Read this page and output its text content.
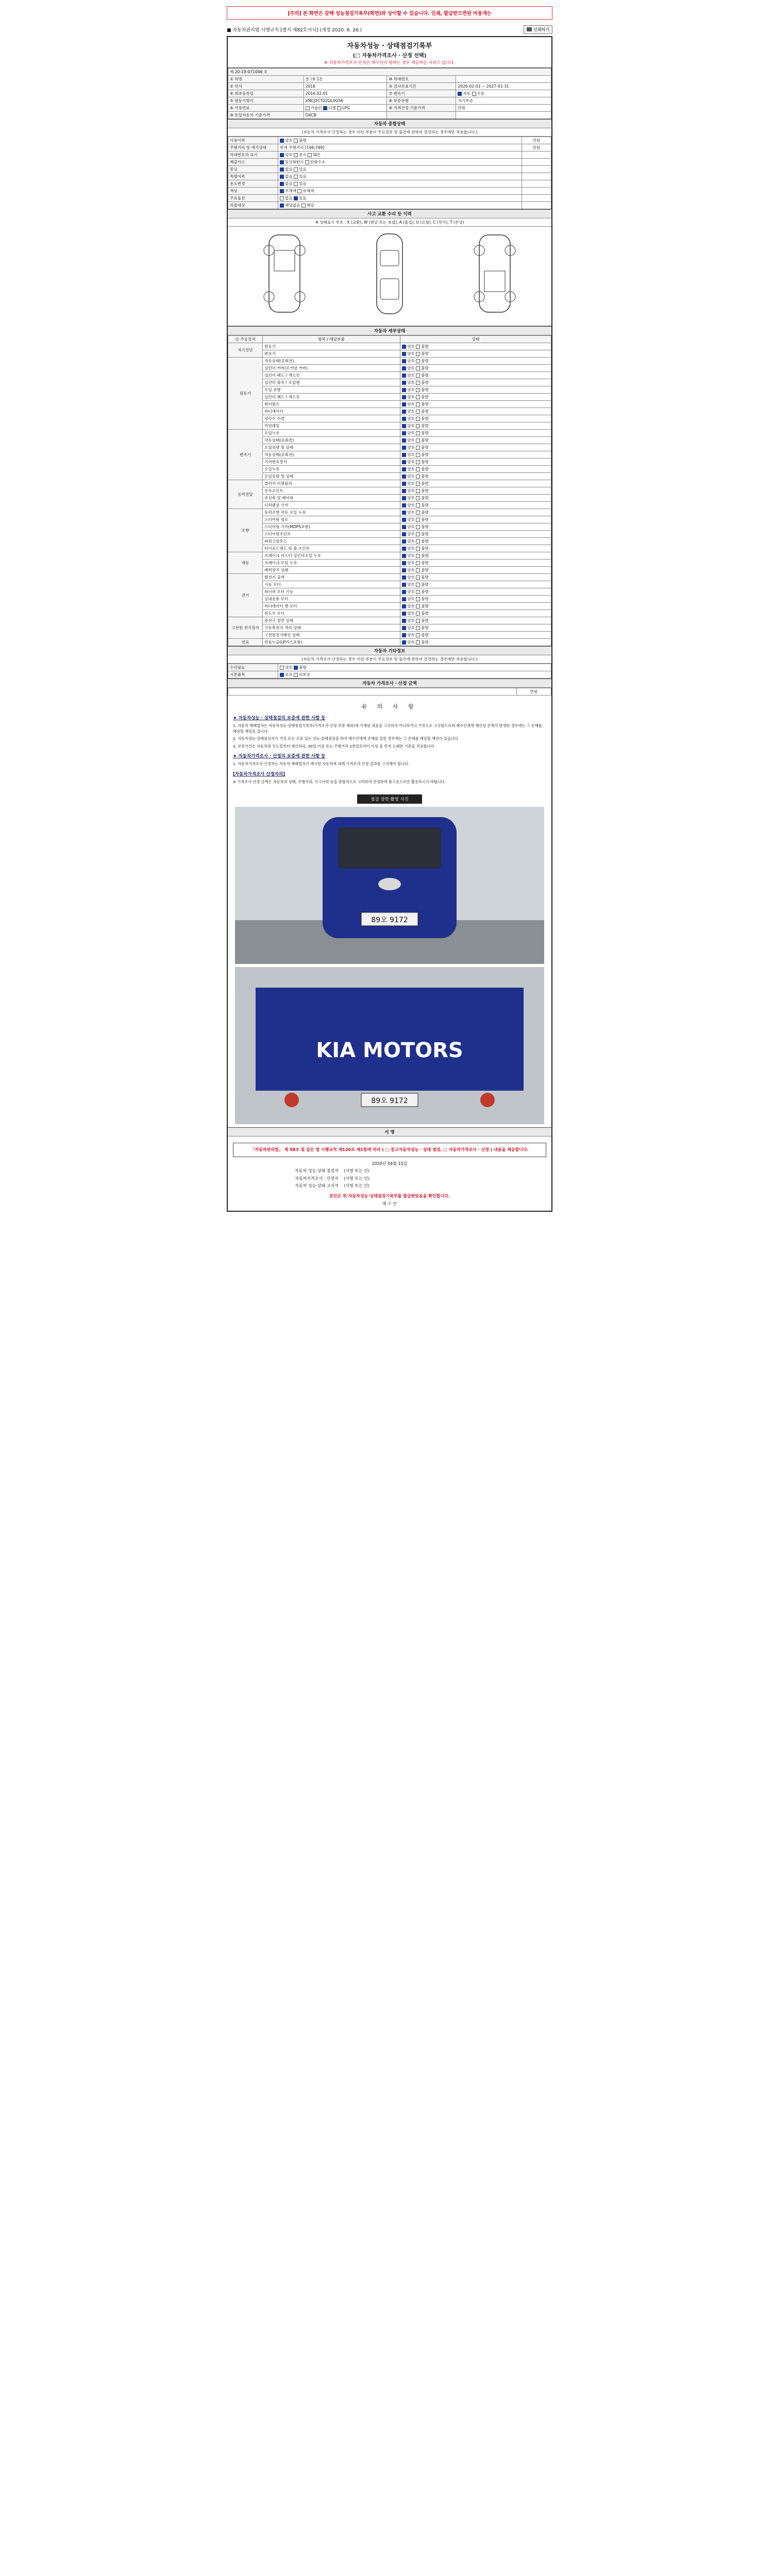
[주의] 본 화면은 갈해 성능점검기록부(화면)와 상이할 수 있습니다. 인쇄, 발급받으면된 비용개는
■ 자동차관리법 시행규칙 [별지 제82호서식] (개정 2020. 6. 26.)	인쇄하기
자동차성능 · 상태점검기록부
(□ 자동차가격조사 · 산정 선택)
※ 자동차가격조사·산정은 매수인이 원하는 경우 제공하는 서비스 입니다.
제 20-19-071046 호			
① 차명	봉고II 1톤	⑩ 차대번호	
② 연식	2016	③ 검사유효기간	2026-02-01 ~ 2027-01-31
④ 최초등록일	2016.02.01	⑦ 변속기	자동 수동
⑤ 원동기형식	VNCJ2CT02GL0GS6	⑧ 보증유형	자가보증
⑥ 사용연료	가솔린 디젤 LPG	⑨ 가격산정 기준가격	만원
⑩ 동일자동차 기준가격	D4CB		
자동차 종합상태
(자동차 가격조사·산정하는 경우 이런 부분이 주요정보 및 물건에 관하여 결정하는 경우에만 적용합니다.)
사용이력	양호 불량	만원
주행거리 및 계기상태	현재 주행거리 [146,749]	만원
차대번호의 표기	양호 부식 훼손	
배출가스	일산화탄소 탄화수소	
튜닝	없음 있음	
특별이력	없음 있음	
용도변경	없음 있음	
색상	무채색 유채색	
주요옵션	없음 있음	
리콜대상	해당없음 해당	
사고 교환 수리 등 이력
※ 상태표시 부호 : X (교환), W (판금 또는 용접), A (흠집), U (요철), C (부식), T (손상)
자동차 세부상태
⑪ 주요장치	항목 / 해당부품	상태
자기진단	원동기	양호 불량
	변속기	양호 불량
원동기	작동상태(공회전)	양호 불량
	실린더 커버(로커암 커버)	양호 불량
	실린더 헤드 / 개스킷	양호 불량
	실린더 블록 / 오일팬	양호 불량
	오일 유량	양호 불량
	실린더 헤드 / 개스킷	양호 불량
	워터펌프	양호 불량
	라디에이터	양호 불량
	냉각수 수량	양호 불량
	커먼레일	양호 불량
변속기	오일누유	양호 불량
	작동상태(공회전)	양호 불량
	오일유량 및 상태	양호 불량
	작동상태(공회전)	양호 불량
	기어변속장치	양호 불량
	오일누유	양호 불량
	오일유량 및 상태	양호 불량
동력전달	클러치 어셈블리	양호 불량
	등속조인트	양호 불량
	추진축 및 베어링	양호 불량
	디퍼렌셜 기어	양호 불량
조향	동력조향 작동 오일 누유	양호 불량
	스티어링 펌프	양호 불량
	스티어링 기어(MDPS포함)	양호 불량
	스티어링조인트	양호 불량
	파워고압호스	양호 불량
	타이로드엔드 및 볼 조인트	양호 불량
제동	브레이크 마스터 실린더오일 누유	양호 불량
	브레이크 오일 누유	양호 불량
	배력장치 상태	양호 불량
전기	발전기 출력	양호 불량
	시동 모터	양호 불량
	와이퍼 모터 기능	양호 불량
	실내송풍 모터	양호 불량
	라디에이터 팬 모터	양호 불량
	윈도우 모터	양호 불량
고전원 전기장치	충전구 절연 상태	양호 불량
	구동축전지 격리 상태	양호 불량
	고전원전기배선 상태	양호 불량
연료	연료누출(LP가스포함)	양호 불량
자동차 기타정보
(자동차 가격조사·산정하는 경우 이런 부분이 주요정보 및 물건에 관하여 결정하는 경우에만 적용합니다.)
수리필요	양호 불량
기본품목	보유 미보유
자동차 가격조사 · 산정 금액
	만원
유 의 사 항
★ 자동차성능 · 상태점검의 보증에 관한 사항 등

1. 자동차 매매업자는 자동차성능·상태점검기록부(가격조사·산정 부분 제외)에 기재된 내용을 고지하지 아니하거나 거짓으로 고지함으로써 매수인에게 재산상 손해가 발생한 경우에는 그 손해를 배상할 책임을 집니다.

2. 자동차성능·상태점검자가 거짓 또는 오류 있는 성능·상태점검을 하여 매수인에게 손해를 입힌 경우에는 그 손해를 배상할 책임이 있습니다.

3. 보증기간은 자동차의 인도일부터 계산하되, 30일 이상 또는 주행거리 2천킬로미터 이상 중 먼저 도래한 기준을 적용합니다.

★ 자동차가격조사 · 산정의 보증에 관한 사항 등

1. 자동차가격조사·산정자는 자동차 매매업자가 제시한 자동차에 대해 가격조사·산정 결과를 고지해야 합니다.

[자동차가격조사 산정자의]

※ 가격조사·산정 금액은 자동차의 상태, 주행거리, 사고이력 등을 종합적으로 고려하여 산정하며 참고용으로만 활용하시기 바랍니다.

점검 장면 촬영 사진
89오 9172
KIA MOTORS
89오 9172
서 명
「자동차관리법」 제 58조 및 같은 법 시행규칙 제120조 제1항에 따라 ( □ 중고자동차성능 · 상태 점검, □ 자동차가격조사 · 산정 ) 내용을 제공합니다.
2020년 04월 15일
자동차 성능·상태 점검자 (서명 또는 인)
자동차가격조사 · 산정자 (서명 또는 인)
자동차 성능·상태 고지자 (서명 또는 인)
본인은 위 자동차성능·상태점검기록부를 발급받았음을 확인합니다.
매 수 인
